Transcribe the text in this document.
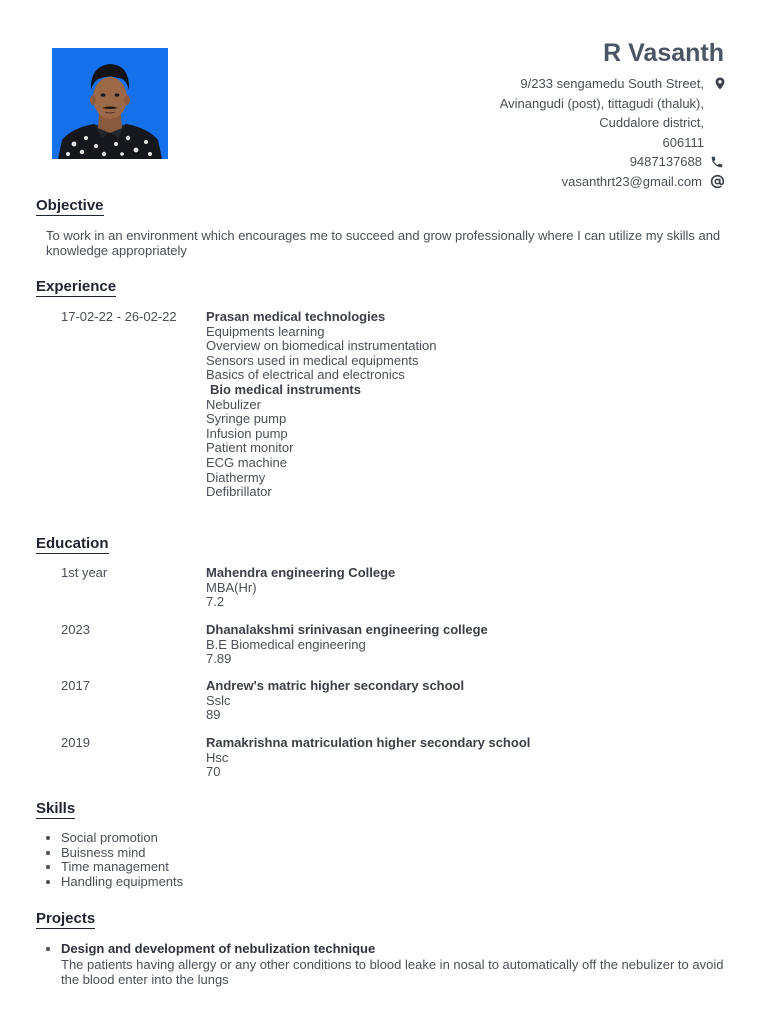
R Vasanth
9/233 sengamedu South Street,
Avinangudi (post), tittagudi (thaluk),
Cuddalore district,
606111
9487137688
vasanthrt23@gmail.com
Objective
To work in an environment which encourages me to succeed and grow professionally where I can utilize my skills and knowledge appropriately
Experience
17-02-22 - 26-02-22	Prasan medical technologies
Equipments learning
Overview on biomedical instrumentation
Sensors used in medical equipments
Basics of electrical and electronics
Bio medical instruments
Nebulizer
Syringe pump
Infusion pump
Patient monitor
ECG machine
Diathermy
Defibrillator
Education
1st year	Mahendra engineering College
MBA(Hr)
7.2
2023	Dhanalakshmi srinivasan engineering college
B.E Biomedical engineering
7.89
2017	Andrew's matric higher secondary school
Sslc
89
2019	Ramakrishna matriculation higher secondary school
Hsc
70
Skills
• Social promotion
• Buisness mind
• Time management
• Handling equipments
Projects
• Design and development of nebulization technique
The patients having allergy or any other conditions to blood leake in nosal to automatically off the nebulizer to avoid the blood enter into the lungs
